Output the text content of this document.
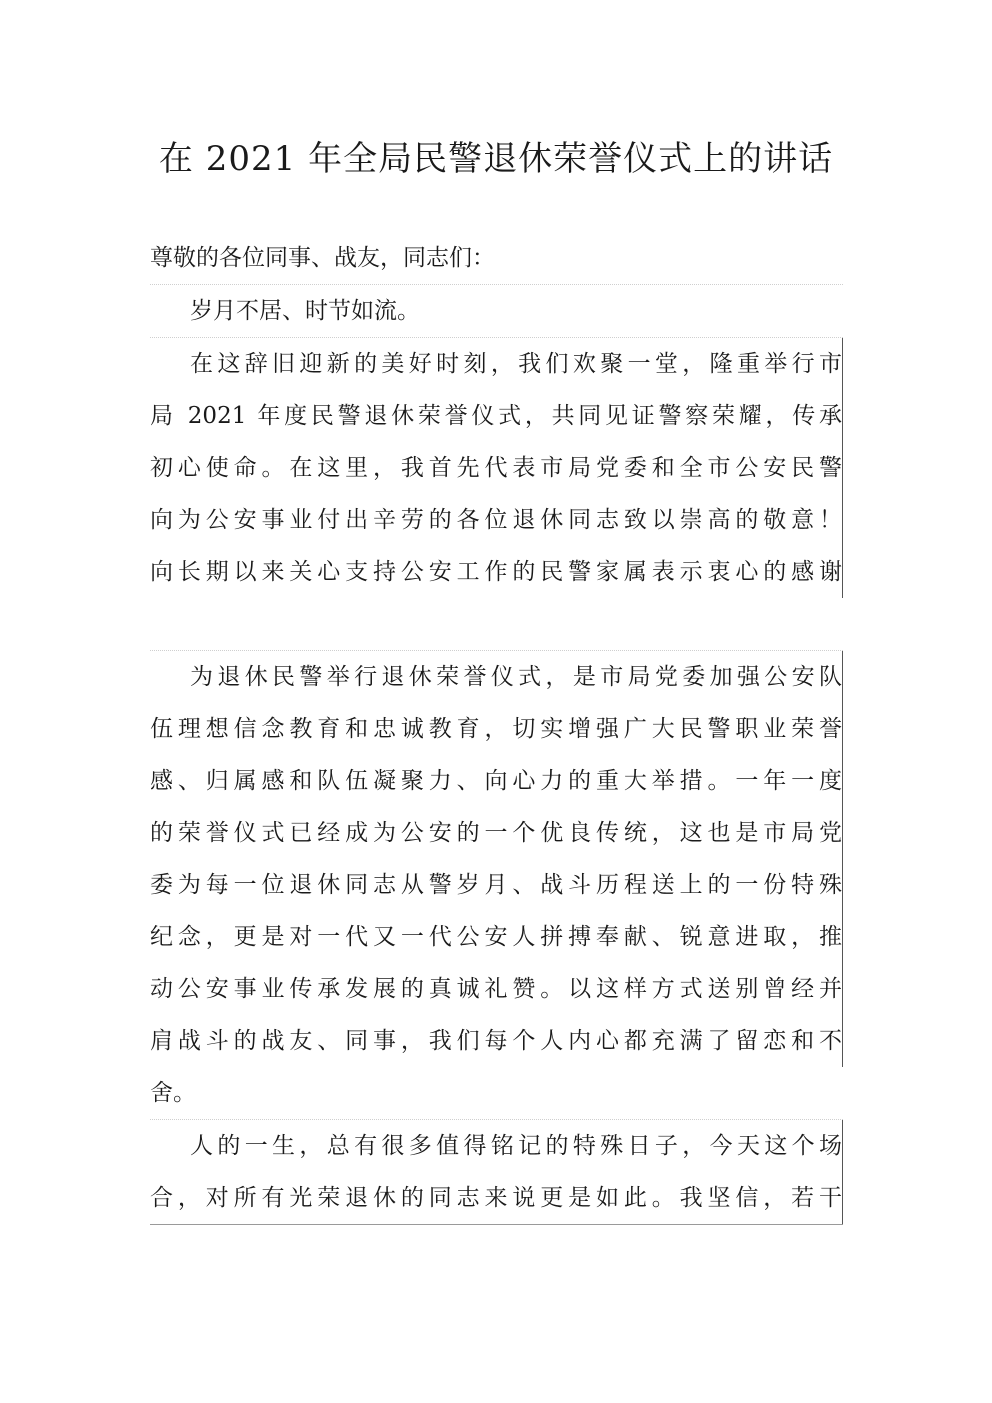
在 2021 年全局民警退休荣誉仪式上的讲话
尊敬的各位同事、战友，同志们：
岁月不居、时节如流。
在这辞旧迎新的美好时刻，我们欢聚一堂，隆重举行市
局 2021 年度民警退休荣誉仪式，共同见证警察荣耀，传承
初心使命。在这里，我首先代表市局党委和全市公安民警
向为公安事业付出辛劳的各位退休同志致以崇高的敬意！
向长期以来关心支持公安工作的民警家属表示衷心的感谢
为退休民警举行退休荣誉仪式，是市局党委加强公安队
伍理想信念教育和忠诚教育，切实增强广大民警职业荣誉
感、归属感和队伍凝聚力、向心力的重大举措。一年一度
的荣誉仪式已经成为公安的一个优良传统，这也是市局党
委为每一位退休同志从警岁月、战斗历程送上的一份特殊
纪念，更是对一代又一代公安人拼搏奉献、锐意进取，推
动公安事业传承发展的真诚礼赞。以这样方式送别曾经并
肩战斗的战友、同事，我们每个人内心都充满了留恋和不
舍。
人的一生，总有很多值得铭记的特殊日子，今天这个场
合，对所有光荣退休的同志来说更是如此。我坚信，若干
